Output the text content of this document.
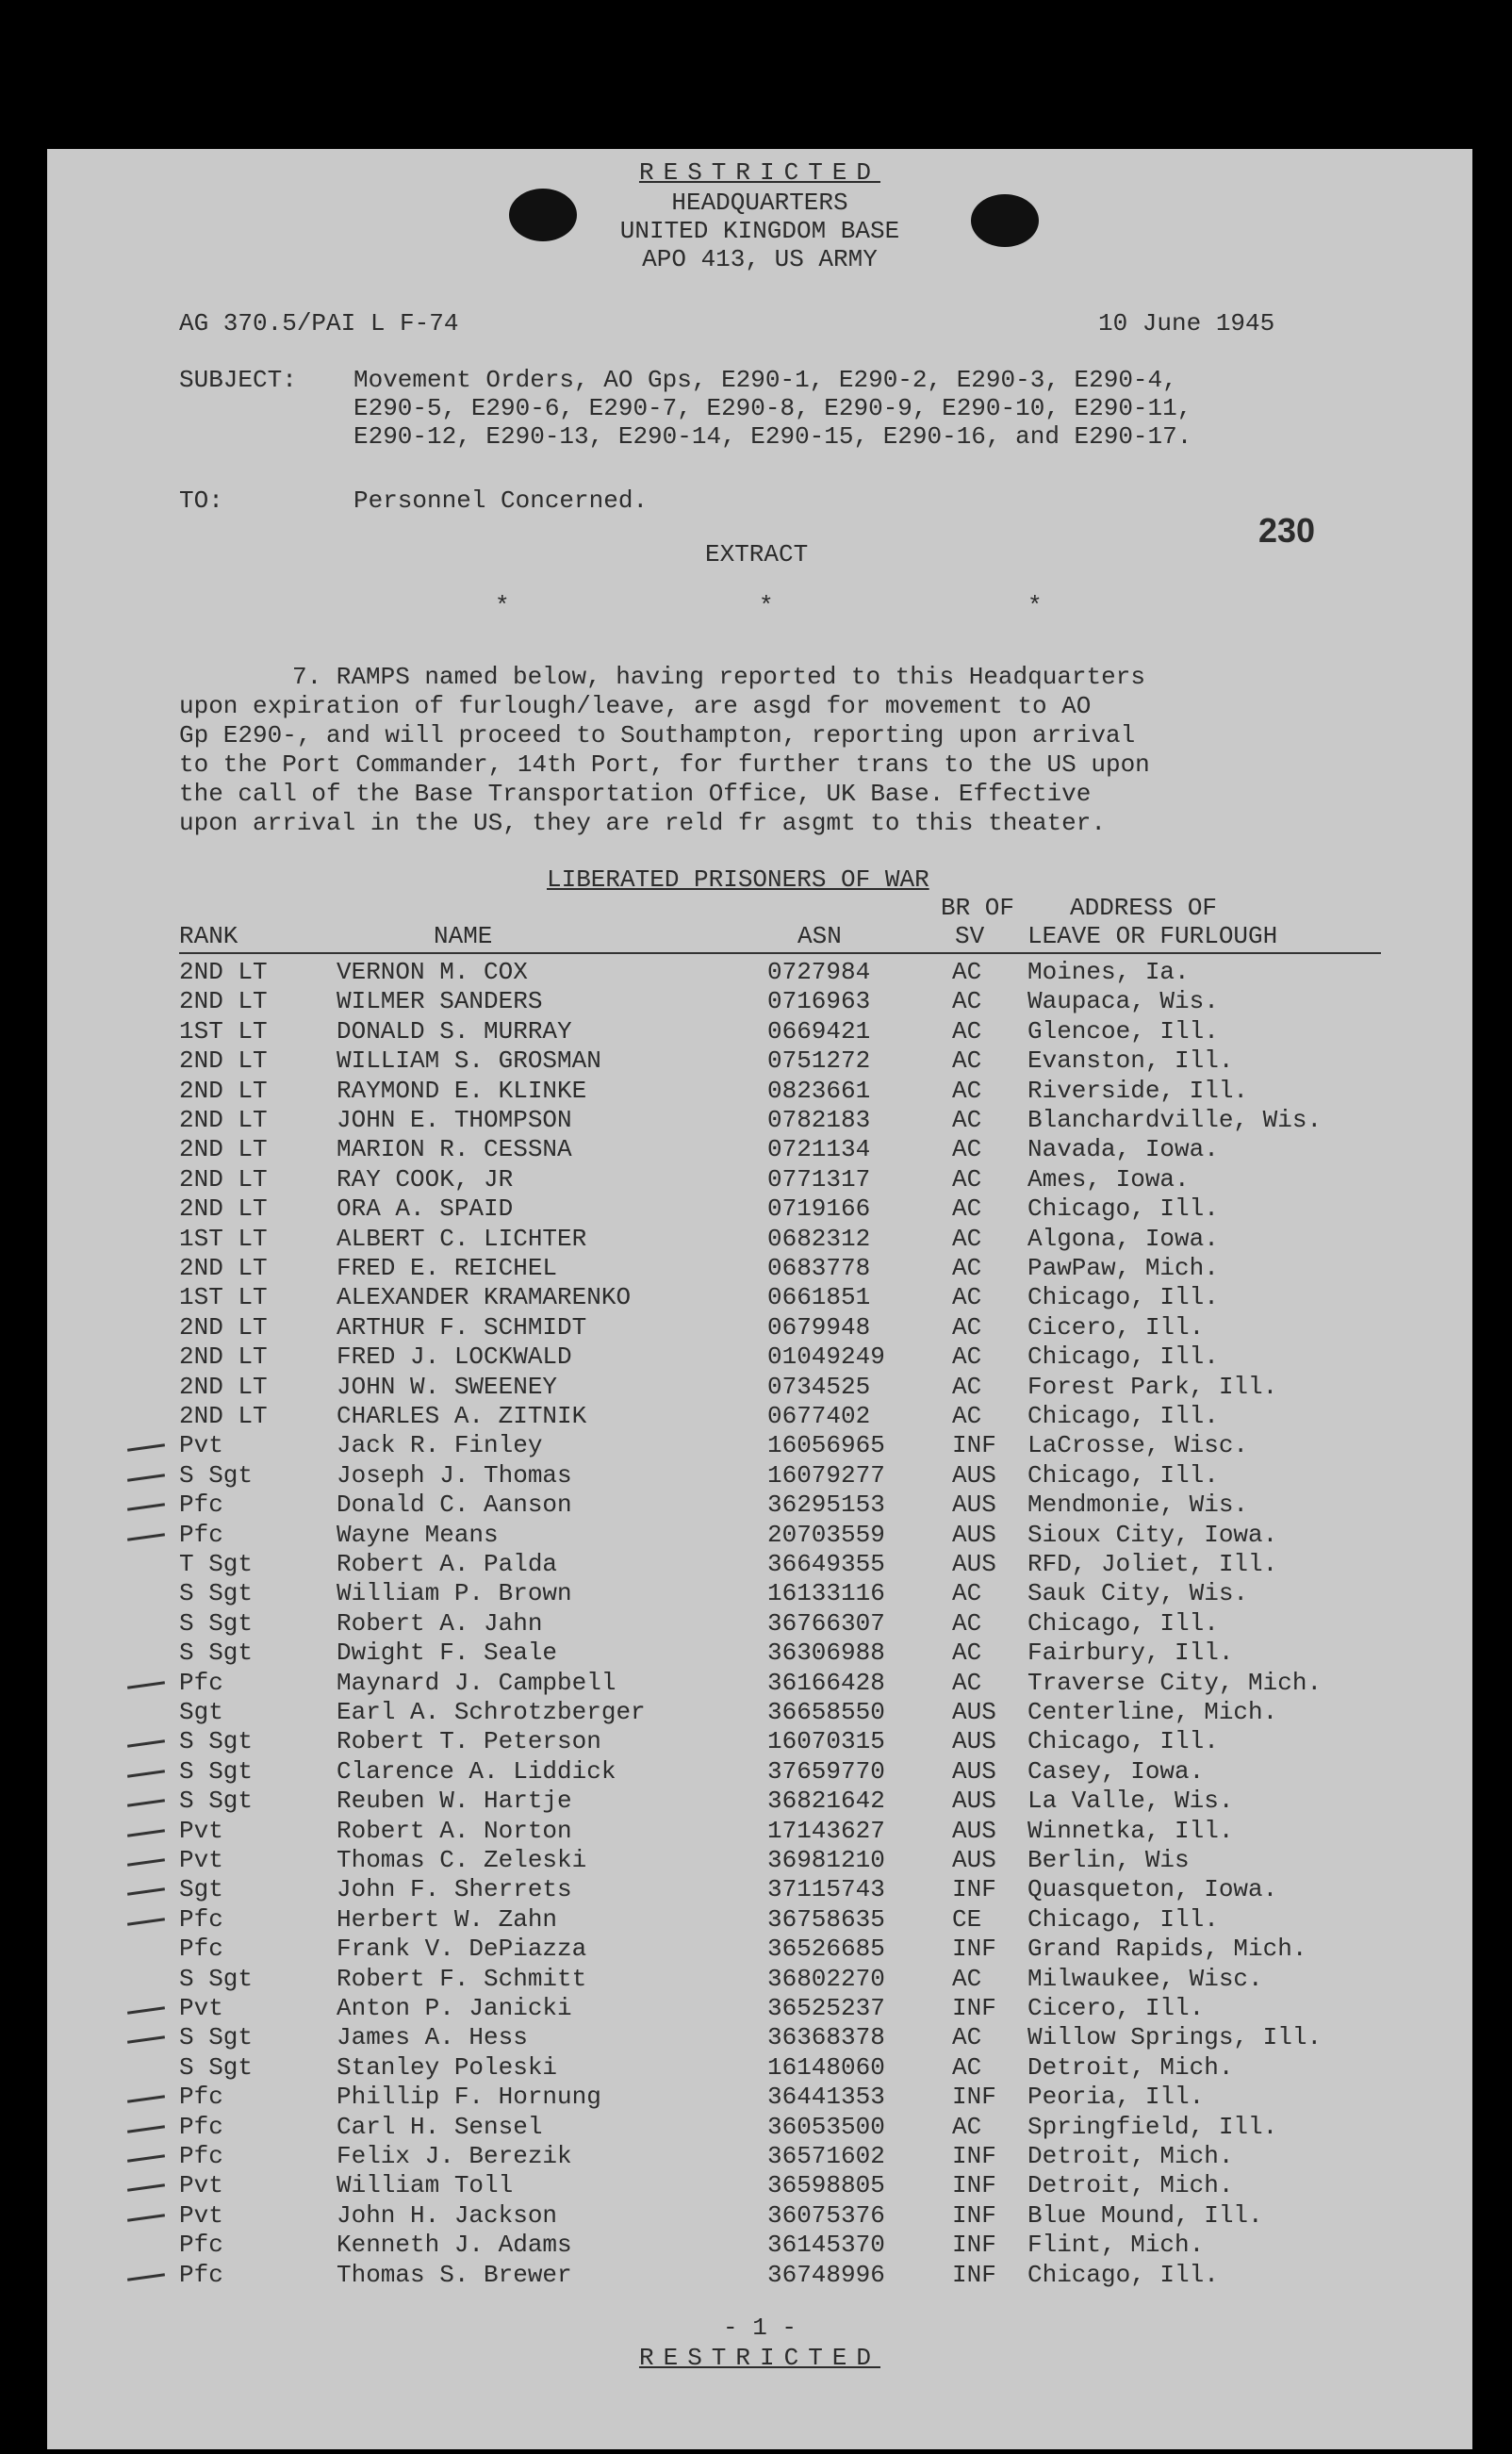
RESTRICTED
HEADQUARTERS
UNITED KINGDOM BASE
APO 413, US ARMY
AG 370.5/PAI L F-74	10 June 1945
SUBJECT: Movement Orders, AO Gps, E290-1, E290-2, E290-3, E290-4,
E290-5, E290-6, E290-7, E290-8, E290-9, E290-10, E290-11,
E290-12, E290-13, E290-14, E290-15, E290-16, and E290-17.
TO:	Personnel Concerned.
230
EXTRACT
*	*	*
7. RAMPS named below, having reported to this Headquarters
upon expiration of furlough/leave, are asgd for movement to AO
Gp E290-, and will proceed to Southampton, reporting upon arrival
to the Port Commander, 14th Port, for further trans to the US upon
the call of the Base Transportation Office, UK Base. Effective
upon arrival in the US, they are reld fr asgmt to this theater.
LIBERATED PRISONERS OF WAR
BR OF ADDRESS OF
RANK	NAME	ASN	SV LEAVE OR FURLOUGH
2ND LT	VERNON M. COX	0727984	AC Moines, Ia.
2ND LT	WILMER SANDERS	0716963	AC Waupaca, Wis.
1ST LT	DONALD S. MURRAY	0669421	AC Glencoe, Ill.
2ND LT	WILLIAM S. GROSMAN	0751272	AC Evanston, Ill.
2ND LT	RAYMOND E. KLINKE	0823661	AC Riverside, Ill.
2ND LT	JOHN E. THOMPSON	0782183	AC Blanchardville, Wis.
2ND LT	MARION R. CESSNA	0721134	AC Navada, Iowa.
2ND LT	RAY COOK, JR	0771317	AC Ames, Iowa.
2ND LT	ORA A. SPAID	0719166	AC Chicago, Ill.
1ST LT	ALBERT C. LICHTER	0682312	AC Algona, Iowa.
2ND LT	FRED E. REICHEL	0683778	AC PawPaw, Mich.
1ST LT	ALEXANDER KRAMARENKO	0661851	AC Chicago, Ill.
2ND LT	ARTHUR F. SCHMIDT	0679948	AC Cicero, Ill.
2ND LT	FRED J. LOCKWALD	01049249	AC Chicago, Ill.
2ND LT	JOHN W. SWEENEY	0734525	AC Forest Park, Ill.
2ND LT	CHARLES A. ZITNIK	0677402	AC Chicago, Ill.
Pvt	Jack R. Finley	16056965	INF LaCrosse, Wisc.
S Sgt	Joseph J. Thomas	16079277	AUS Chicago, Ill.
Pfc	Donald C. Aanson	36295153	AUS Mendmonie, Wis.
Pfc	Wayne Means	20703559	AUS Sioux City, Iowa.
T Sgt	Robert A. Palda	36649355	AUS RFD, Joliet, Ill.
S Sgt	William P. Brown	16133116	AC Sauk City, Wis.
S Sgt	Robert A. Jahn	36766307	AC Chicago, Ill.
S Sgt	Dwight F. Seale	36306988	AC Fairbury, Ill.
Pfc	Maynard J. Campbell	36166428	AC Traverse City, Mich.
Sgt	Earl A. Schrotzberger	36658550	AUS Centerline, Mich.
S Sgt	Robert T. Peterson	16070315	AUS Chicago, Ill.
S Sgt	Clarence A. Liddick	37659770	AUS Casey, Iowa.
S Sgt	Reuben W. Hartje	36821642	AUS La Valle, Wis.
Pvt	Robert A. Norton	17143627	AUS Winnetka, Ill.
Pvt	Thomas C. Zeleski	36981210	AUS Berlin, Wis
Sgt	John F. Sherrets	37115743	INF Quasqueton, Iowa.
Pfc	Herbert W. Zahn	36758635	CE Chicago, Ill.
Pfc	Frank V. DePiazza	36526685	INF Grand Rapids, Mich.
S Sgt	Robert F. Schmitt	36802270	AC Milwaukee, Wisc.
Pvt	Anton P. Janicki	36525237	INF Cicero, Ill.
S Sgt	James A. Hess	36368378	AC Willow Springs, Ill.
S Sgt	Stanley Poleski	16148060	AC Detroit, Mich.
Pfc	Phillip F. Hornung	36441353	INF Peoria, Ill.
Pfc	Carl H. Sensel	36053500	AC Springfield, Ill.
Pfc	Felix J. Berezik	36571602	INF Detroit, Mich.
Pvt	William Toll	36598805	INF Detroit, Mich.
Pvt	John H. Jackson	36075376	INF Blue Mound, Ill.
Pfc	Kenneth J. Adams	36145370	INF Flint, Mich.
Pfc	Thomas S. Brewer	36748996	INF Chicago, Ill.
- 1 -
RESTRICTED
